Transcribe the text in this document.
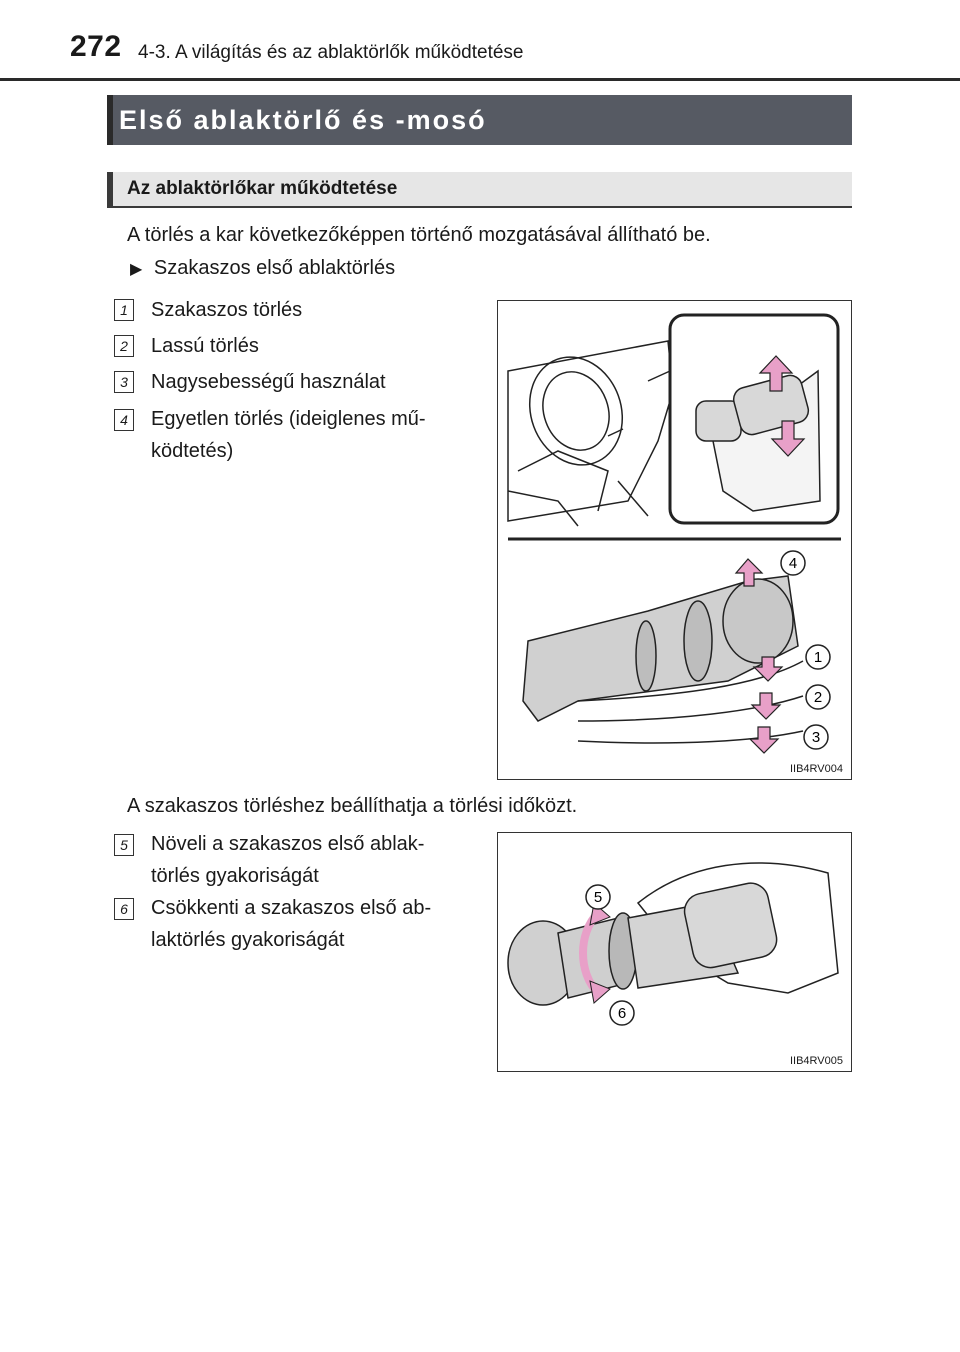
272 4-3. A világítás és az ablaktörlők működtetése
Első ablaktörlő és -mosó
Az ablaktörlőkar működtetése
A törlés a kar következőképpen történő mozgatásával állítható be.
▶ Szakaszos első ablaktörlés
1	Szakaszos törlés
2	Lassú törlés
3	Nagysebességű használat
4	Egyetlen törlés (ideiglenes mű-
ködtetés)
4
1
2
3
IIB4RV004
A szakaszos törléshez beállíthatja a törlési időközt.
5	Növeli a szakaszos első ablak-
törlés gyakoriságát
6	Csökkenti a szakaszos első ab-
laktörlés gyakoriságát
5
6
IIB4RV005
